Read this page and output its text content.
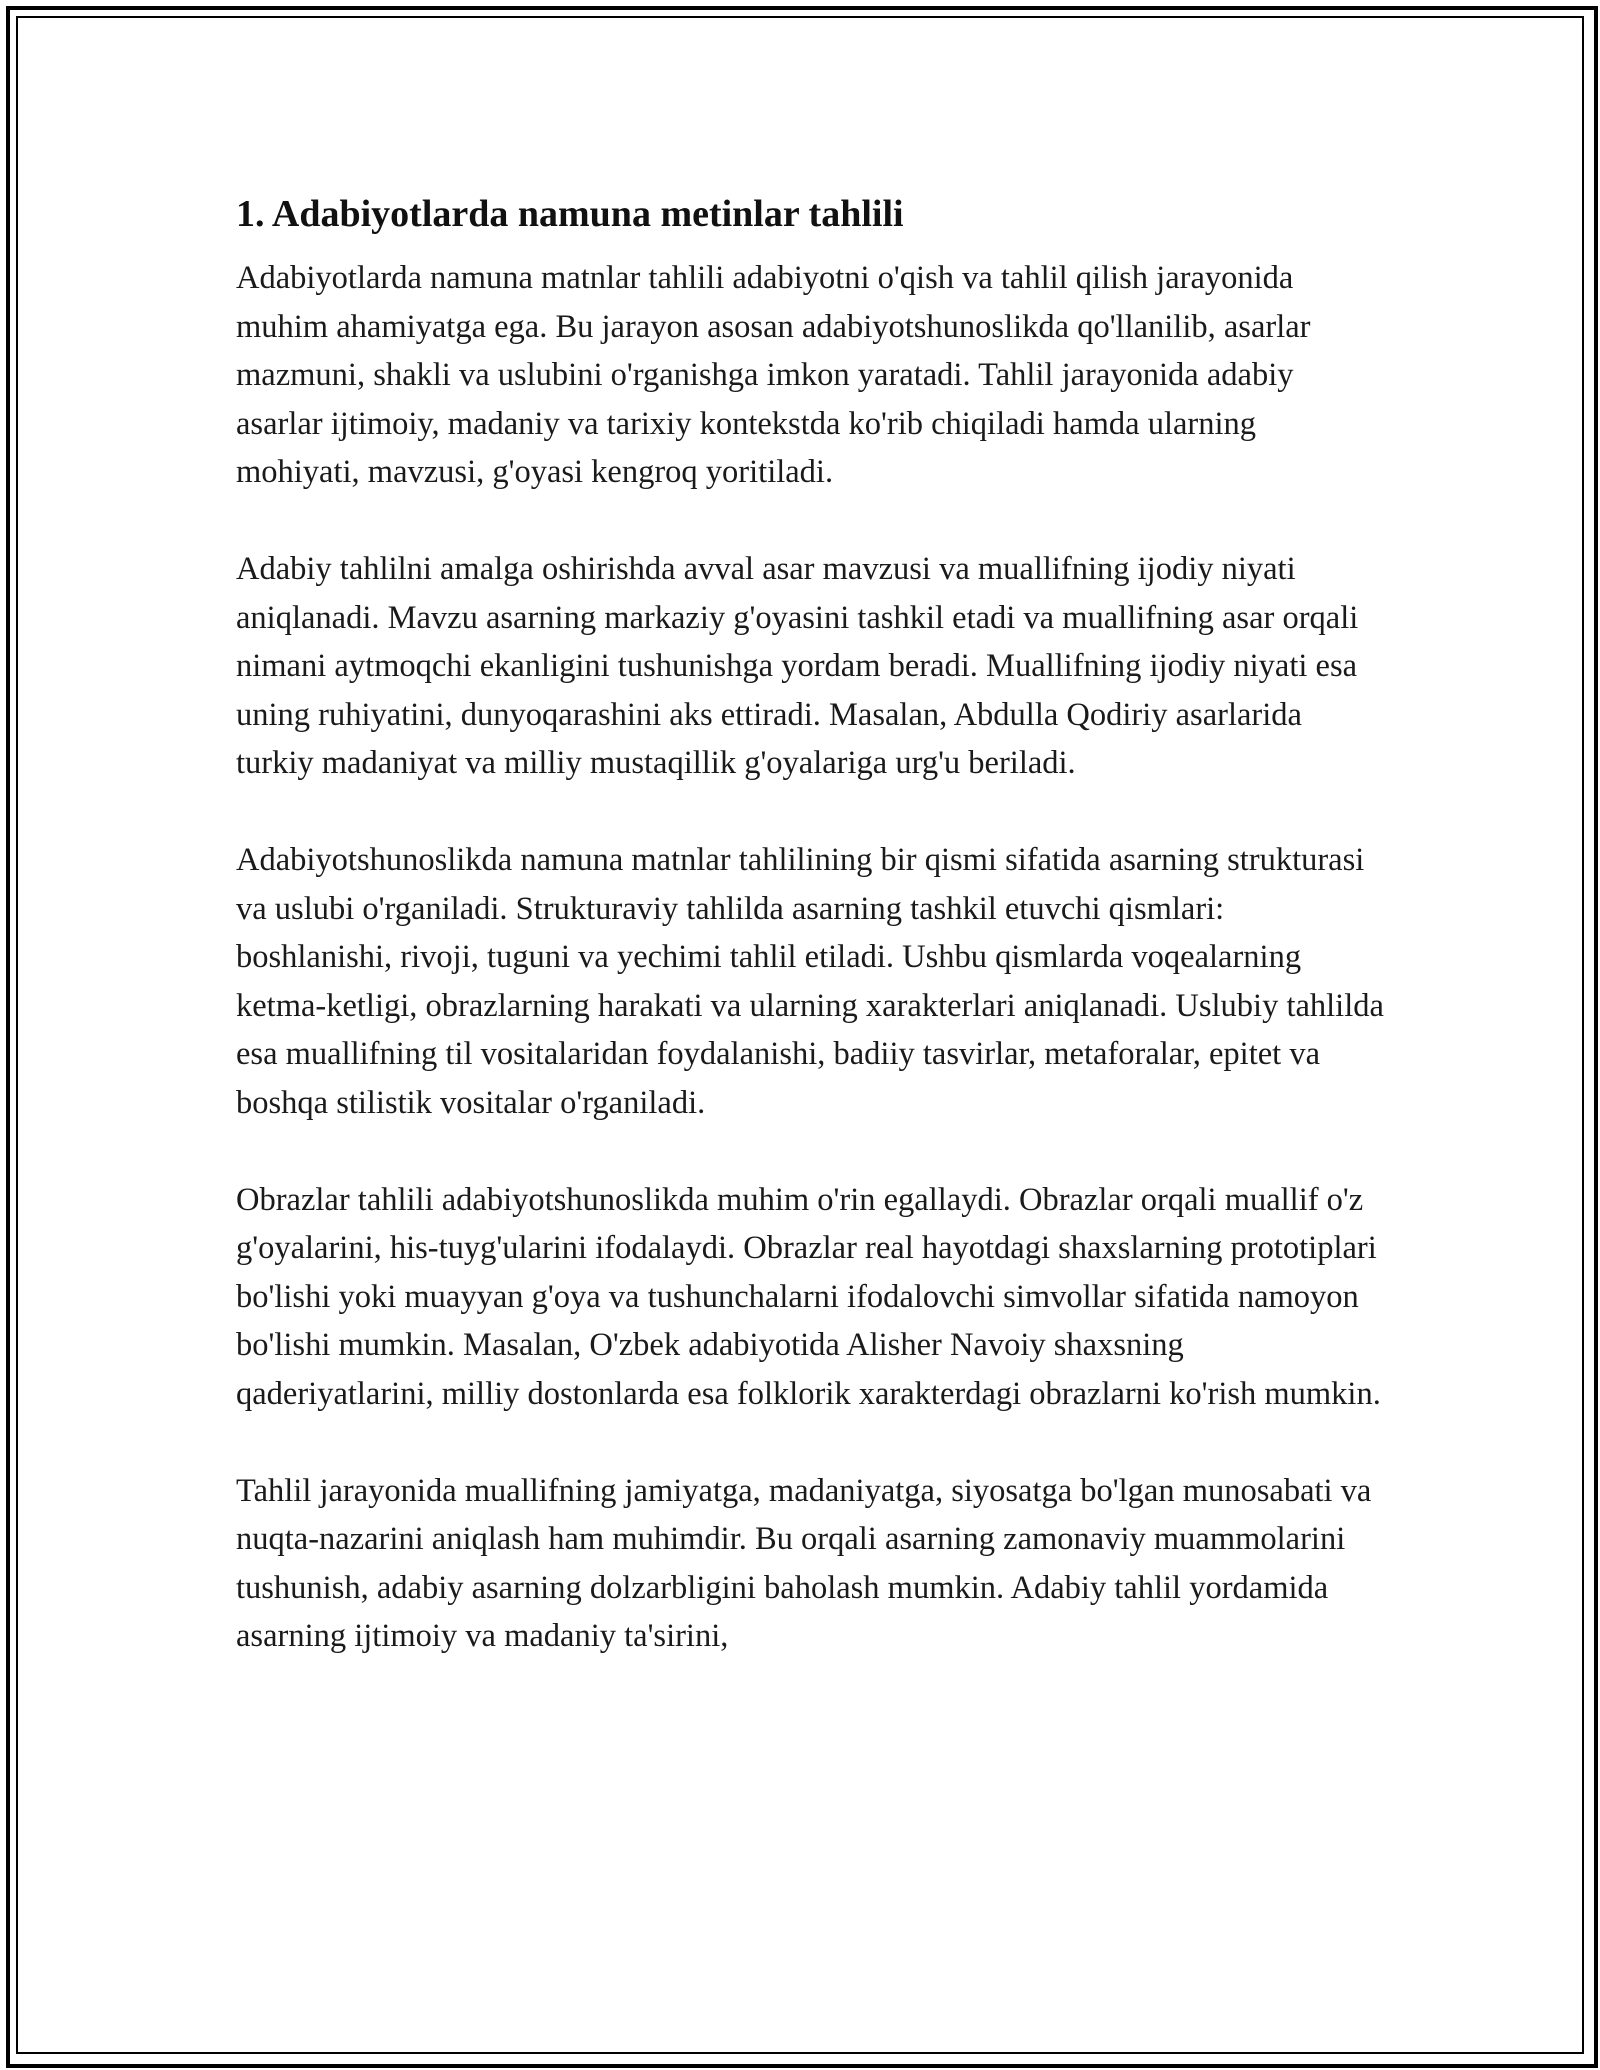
1. Adabiyotlarda namuna metinlar tahlili

Adabiyotlarda namuna matnlar tahlili adabiyotni o'qish va tahlil qilish jarayonida muhim ahamiyatga ega. Bu jarayon asosan adabiyotshunoslikda qo'llanilib, asarlar mazmuni, shakli va uslubini o'rganishga imkon yaratadi. Tahlil jarayonida adabiy asarlar ijtimoiy, madaniy va tarixiy kontekstda ko'rib chiqiladi hamda ularning mohiyati, mavzusi, g'oyasi kengroq yoritiladi.

Adabiy tahlilni amalga oshirishda avval asar mavzusi va muallifning ijodiy niyati aniqlanadi. Mavzu asarning markaziy g'oyasini tashkil etadi va muallifning asar orqali nimani aytmoqchi ekanligini tushunishga yordam beradi. Muallifning ijodiy niyati esa uning ruhiyatini, dunyoqarashini aks ettiradi. Masalan, Abdulla Qodiriy asarlarida turkiy madaniyat va milliy mustaqillik g'oyalariga urg'u beriladi.

Adabiyotshunoslikda namuna matnlar tahlilining bir qismi sifatida asarning strukturasi va uslubi o'rganiladi. Strukturaviy tahlilda asarning tashkil etuvchi qismlari: boshlanishi, rivoji, tuguni va yechimi tahlil etiladi. Ushbu qismlarda voqealarning ketma-ketligi, obrazlarning harakati va ularning xarakterlari aniqlanadi. Uslubiy tahlilda esa muallifning til vositalaridan foydalanishi, badiiy tasvirlar, metaforalar, epitet va boshqa stilistik vositalar o'rganiladi.

Obrazlar tahlili adabiyotshunoslikda muhim o'rin egallaydi. Obrazlar orqali muallif o'z g'oyalarini, his-tuyg'ularini ifodalaydi. Obrazlar real hayotdagi shaxslarning prototiplari bo'lishi yoki muayyan g'oya va tushunchalarni ifodalovchi simvollar sifatida namoyon bo'lishi mumkin. Masalan, O'zbek adabiyotida Alisher Navoiy shaxsning qaderiyatlarini, milliy dostonlarda esa folklorik xarakterdagi obrazlarni ko'rish mumkin.

Tahlil jarayonida muallifning jamiyatga, madaniyatga, siyosatga bo'lgan munosabati va nuqta-nazarini aniqlash ham muhimdir. Bu orqali asarning zamonaviy muammolarini tushunish, adabiy asarning dolzarbligini baholash mumkin. Adabiy tahlil yordamida asarning ijtimoiy va madaniy ta'sirini,
